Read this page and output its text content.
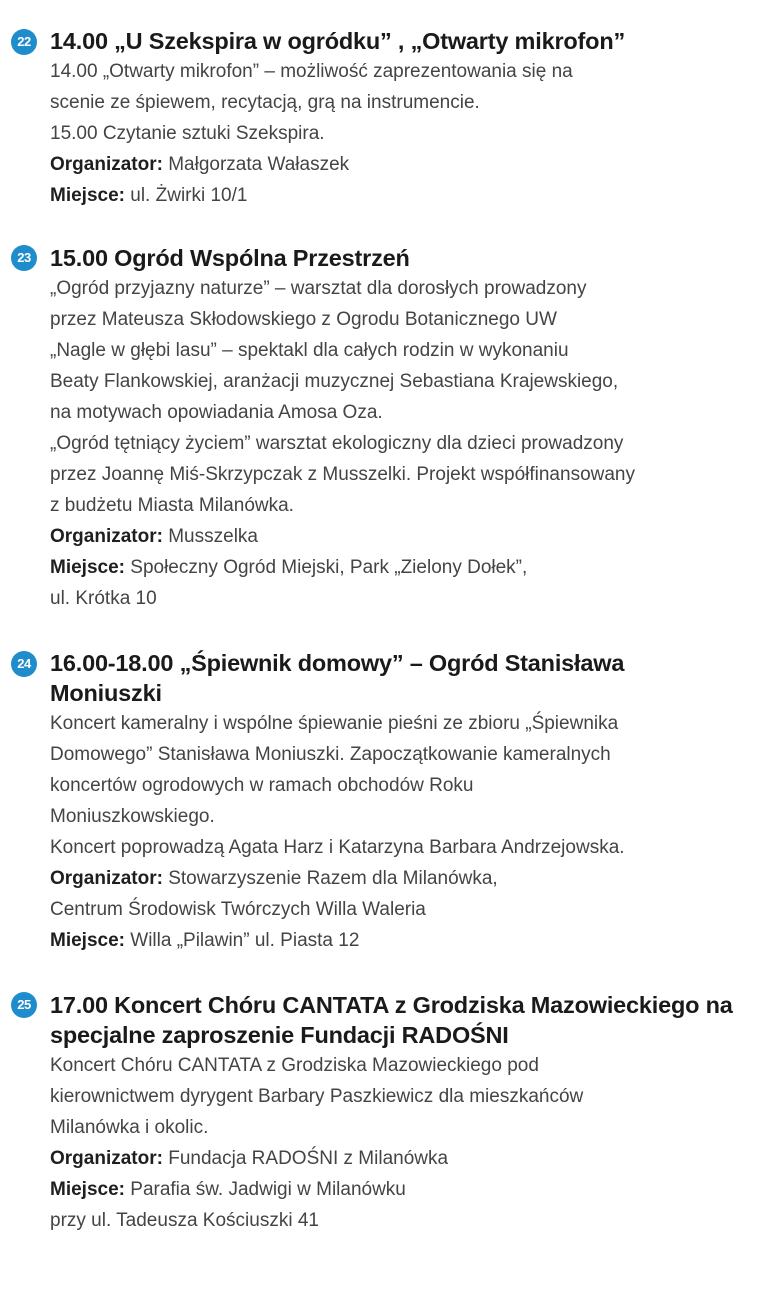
22 14.00 „U Szekspira w ogródku” , „Otwarty mikrofon”
14.00 „Otwarty mikrofon” – możliwość zaprezentowania się na
scenie ze śpiewem, recytacją, grą na instrumencie.
15.00 Czytanie sztuki Szekspira.
Organizator: Małgorzata Wałaszek
Miejsce: ul. Żwirki 10/1
23 15.00 Ogród Wspólna Przestrzeń
„Ogród przyjazny naturze” – warsztat dla dorosłych prowadzony
przez Mateusza Skłodowskiego z Ogrodu Botanicznego UW
„Nagle w głębi lasu” – spektakl dla całych rodzin w wykonaniu
Beaty Flankowskiej, aranżacji muzycznej Sebastiana Krajewskiego,
na motywach opowiadania Amosa Oza.
„Ogród tętniący życiem” warsztat ekologiczny dla dzieci prowadzony
przez Joannę Miś-Skrzypczak z Musszelki. Projekt współfinansowany
z budżetu Miasta Milanówka.
Organizator: Musszelka
Miejsce: Społeczny Ogród Miejski, Park „Zielony Dołek”,
ul. Krótka 10
24 16.00-18.00 „Śpiewnik domowy” – Ogród Stanisława Moniuszki
Koncert kameralny i wspólne śpiewanie pieśni ze zbioru „Śpiewnika
Domowego” Stanisława Moniuszki. Zapoczątkowanie kameralnych
koncertów ogrodowych w ramach obchodów Roku
Moniuszkowskiego.
Koncert poprowadzą Agata Harz i Katarzyna Barbara Andrzejowska.
Organizator: Stowarzyszenie Razem dla Milanówka,
Centrum Środowisk Twórczych Willa Waleria
Miejsce: Willa „Pilawin” ul. Piasta 12
25 17.00 Koncert Chóru CANTATA z Grodziska Mazowieckiego na specjalne zaproszenie Fundacji RADOŚNI
Koncert Chóru CANTATA z Grodziska Mazowieckiego pod
kierownictwem dyrygent Barbary Paszkiewicz dla mieszkańców
Milanówka i okolic.
Organizator: Fundacja RADOŚNI z Milanówka
Miejsce: Parafia św. Jadwigi w Milanówku
przy ul. Tadeusza Kościuszki 41
